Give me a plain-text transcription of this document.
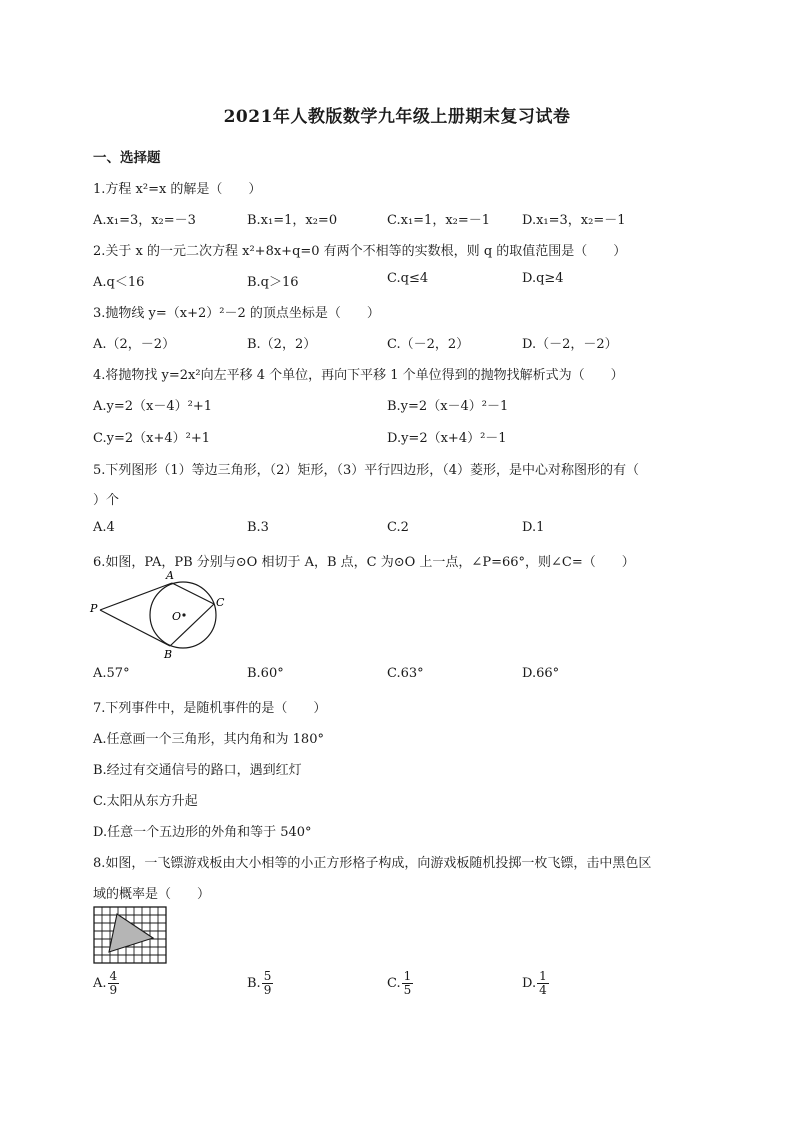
2021年人教版数学九年级上册期末复习试卷
一、选择题
1.方程 x²=x 的解是（　　）
A.x₁=3，x₂=－3	B.x₁=1，x₂=0	C.x₁=1，x₂=－1 D.x₁=3，x₂=－1
2.关于 x 的一元二次方程 x²+8x+q=0 有两个不相等的实数根，则 q 的取值范围是（　　）
A.q＜16	B.q＞16	C.q≤4	D.q≥4
3.抛物线 y=（x+2）²－2 的顶点坐标是（　　）
A.（2，－2）	B.（2，2）	C.（－2，2）	D.（－2，－2）
4.将抛物找 y=2x²向左平移 4 个单位，再向下平移 1 个单位得到的抛物找解析式为（　　）
A.y=2（x－4）²+1	B.y=2（x－4）²－1
C.y=2（x+4）²+1	D.y=2（x+4）²－1
5.下列图形（1）等边三角形，（2）矩形，（3）平行四边形，（4）菱形，是中心对称图形的有（
）个
A.4	B.3	C.2	D.1
6.如图，PA，PB 分别与⊙O 相切于 A，B 点，C 为⊙O 上一点，∠P=66°，则∠C=（　　）
P
A
B
C
O
A.57°	B.60°	C.63°	D.66°
7.下列事件中，是随机事件的是（　　）
A.任意画一个三角形，其内角和为 180°
B.经过有交通信号的路口，遇到红灯
C.太阳从东方升起
D.任意一个五边形的外角和等于 540°
8.如图，一飞镖游戏板由大小相等的小正方形格子构成，向游戏板随机投掷一枚飞镖，击中黑色区
域的概率是（　　）
A. $\frac{4}{9}$	B. $\frac{5}{9}$	C. $\frac{1}{5}$	D. $\frac{1}{4}$
